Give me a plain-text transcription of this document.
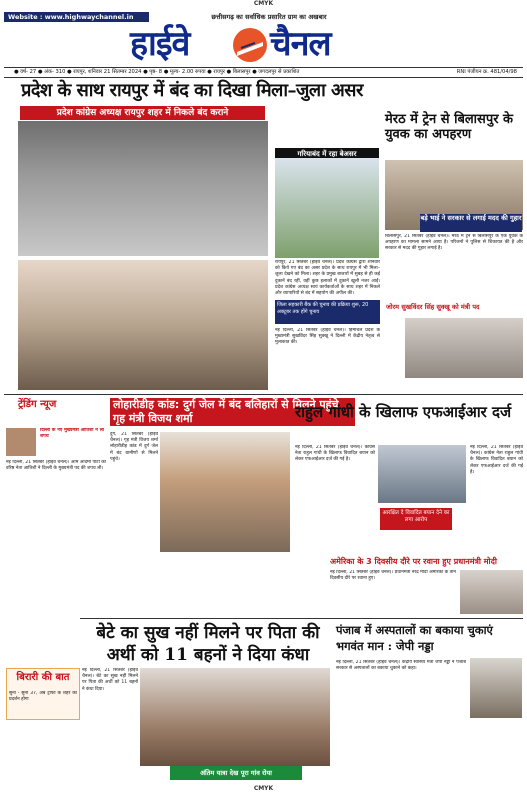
CMYK
Website : www.highwaychannel.in	छत्तीसगढ़ का सर्वाधिक प्रसारित ग्राम का अखबार
हाईवे चैनल
● वर्ष- 27 ● अंक- 310 ● रायपुर, शनिवार 21 सितम्बर 2024 ● पृष्ठ- 8 ● मूल्य- 2.00 रुपया ● रायपुर ● बिलासपुर ● जगदलपुर से प्रकाशित	RNI पंजीयन क्र. 481/04/98
प्रदेश के साथ रायपुर में बंद का दिखा मिला–जुला असर
प्रदेश कांग्रेस अध्यक्ष रायपुर शहर में निकले बंद कराने
गरियाबंद में रहा बेअसर
रायपुर, 21 सितंबर (हाईवे चैनल)। प्रदेश कांग्रेस द्वारा शनिवार को किये गए बंद का असर प्रदेश के साथ रायपुर में भी मिला–जुला देखने को मिला। शहर के प्रमुख बाजारों में सुबह से ही कई दुकानें बंद रहीं, वहीं कुछ इलाकों में दुकानें खुली नजर आईं। प्रदेश कांग्रेस अध्यक्ष स्वयं कार्यकर्ताओं के साथ शहर में निकले और व्यापारियों से बंद में सहयोग की अपील की।
मेरठ में ट्रेन से बिलासपुर के युवक का अपहरण
बड़े भाई ने सरकार से लगाई मदद की गुहार
बिलासपुर, 21 सितंबर (हाईवे चैनल)। मेरठ में ट्रेन से बिलासपुर के एक युवक के अपहरण का मामला सामने आया है। परिजनों ने पुलिस से शिकायत की है और सरकार से मदद की गुहार लगाई है।
जिला सहकारी बैंक की चुनाव की प्रक्रिया शुरू, 20 अक्टूबर तक होंगे चुनाव
नई दिल्ली, 21 सितंबर (हाईवे चैनल)। हिमाचल प्रदेश के मुख्यमंत्री सुखविंदर सिंह सुक्खू ने दिल्ली में केंद्रीय नेतृत्व से मुलाकात की।
जोरम सुखविंदर सिंह सुक्खू को मंत्री पद
ट्रेंडिंग न्यूज
दिल्ली के नए मुख्यमंत्री आतिशी ने ली शपथ
नई दिल्ली, 21 सितंबर (हाईवे चैनल)। आम आदमी पार्टी की वरिष्ठ नेता आतिशी ने दिल्ली के मुख्यमंत्री पद की शपथ ली।
लोहारीडीह कांड: दुर्ग जेल में बंद बलिहारों से मिलने पहुंचे गृह मंत्री विजय शर्मा
दुर्ग, 21 सितंबर (हाईवे चैनल)। गृह मंत्री विजय शर्मा लोहारीडीह कांड में दुर्ग जेल में बंद ग्रामीणों से मिलने पहुंचे।
राहुल गांधी के खिलाफ एफआईआर दर्ज
नई दिल्ली, 21 सितंबर (हाईवे चैनल)। कांग्रेस नेता राहुल गांधी के खिलाफ विवादित बयान को लेकर एफआईआर दर्ज की गई है।
आरक्षित दे विवादित बयान देने का लगा आरोप
नई दिल्ली, 21 सितंबर (हाईवे चैनल)। कांग्रेस नेता राहुल गांधी के खिलाफ विवादित बयान को लेकर एफआईआर दर्ज की गई है।
अमेरिका के 3 दिवसीय दौरे पर रवाना हुए प्रधानमंत्री मोदी
नई दिल्ली, 21 सितंबर (हाईवे चैनल)। प्रधानमंत्री नरेंद्र मोदी अमेरिका के तीन दिवसीय दौरे पर रवाना हुए।
बेटे का सुख नहीं मिलने पर पिता की अर्थी को 11 बहनों ने दिया कंधा
नई दिल्ली, 21 सितंबर (हाईवे चैनल)। बेटे का सुख नहीं मिलने पर पिता की अर्थी को 11 बहनों ने कंधा दिया।
अंतिम यात्रा देख पूरा गांव रोया
पंजाब में अस्पतालों का बकाया चुकाएं भगवंत मान : जेपी नड्डा
नई दिल्ली, 21 सितंबर (हाईवे चैनल)। केंद्रीय स्वास्थ्य मंत्री जेपी नड्डा ने पंजाब सरकार से अस्पतालों का बकाया चुकाने को कहा।
बिरारी की बात
सुना - सुनी 37, अब ट्रॉफी के शहर का प्रदर्शन होगा
CMYK
